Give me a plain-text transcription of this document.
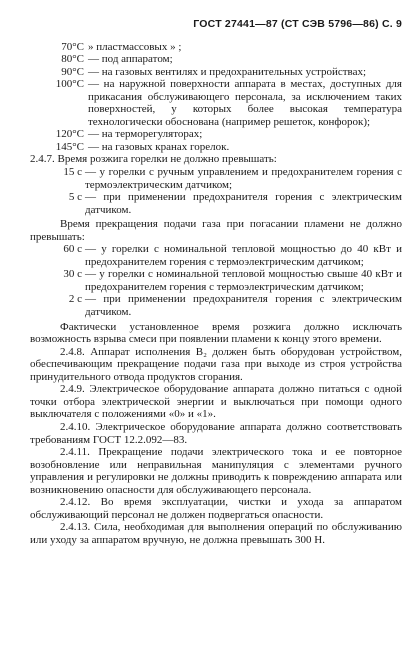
ГОСТ 27441—87 (СТ СЭВ 5796—86) С. 9
70°С » пластмассовых » ;
80°С — под аппаратом;
90°С — на газовых вентилях и предохранительных устройствах;
100°С — на наружной поверхности аппарата в местах, доступных для прикасания обслуживающего персонала, за исключением таких поверхностей, у которых более высокая температура технологически обоснована (например решеток, конфорок);
120°С — на терморегуляторах;
145°С — на газовых кранах горелок.
2.4.7. Время розжига горелки не должно превышать:
15 с — у горелки с ручным управлением и предохранителем горения с термоэлектрическим датчиком;
5 с — при применении предохранителя горения с электрическим датчиком.
Время прекращения подачи газа при погасании пламени не должно превышать:
60 с — у горелки с номинальной тепловой мощностью до 40 кВт и предохранителем горения с термоэлектрическим датчиком;
30 с — у горелки с номинальной тепловой мощностью свыше 40 кВт и предохранителем горения с термоэлектрическим датчиком;
2 с — при применении предохранителя горения с электрическим датчиком.
Фактически установленное время розжига должно исключать возможность взрыва смеси при появлении пламени к концу этого времени.
2.4.8. Аппарат исполнения В₂ должен быть оборудован устройством, обеспечивающим прекращение подачи газа при выходе из строя устройства принудительного отвода продуктов сгорания.
2.4.9. Электрическое оборудование аппарата должно питаться с одной точки отбора электрической энергии и выключаться при помощи одного выключателя с положениями «0» и «1».
2.4.10. Электрическое оборудование аппарата должно соответствовать требованиям ГОСТ 12.2.092—83.
2.4.11. Прекращение подачи электрического тока и ее повторное возобновление или неправильная манипуляция с элементами ручного управления и регулировки не должны приводить к повреждению аппарата или возникновению опасности для обслуживающего персонала.
2.4.12. Во время эксплуатации, чистки и ухода за аппаратом обслуживающий персонал не должен подвергаться опасности.
2.4.13. Сила, необходимая для выполнения операций по обслуживанию или уходу за аппаратом вручную, не должна превышать 300 Н.
